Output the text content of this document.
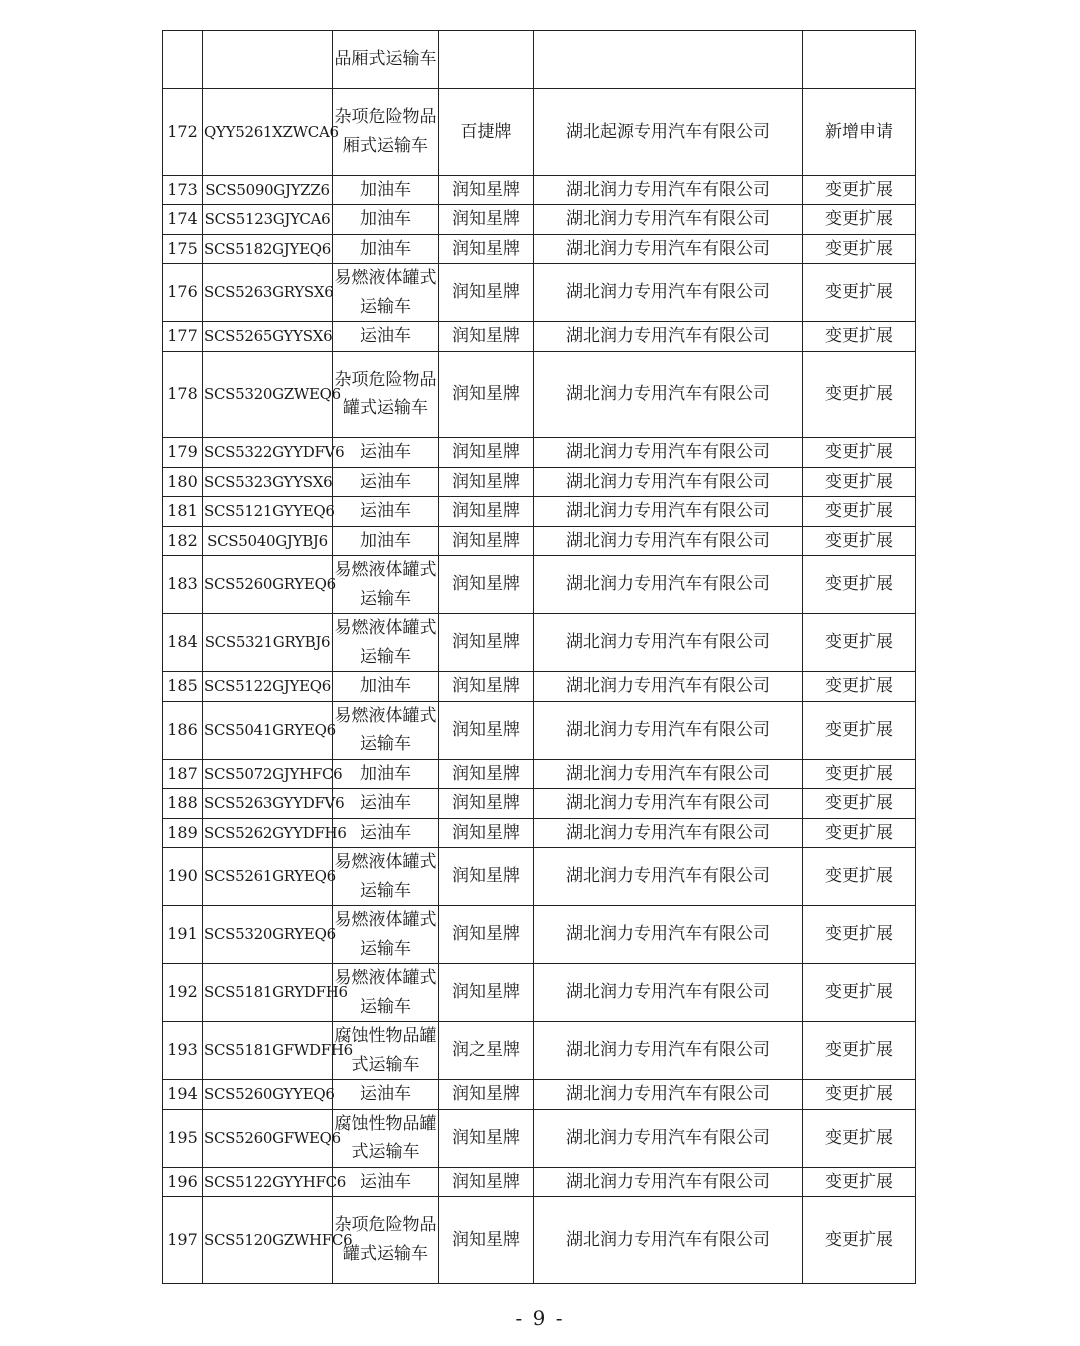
		品厢式运输车			
172	QYY5261XZWCA6	杂项危险物品厢式运输车	百捷牌	湖北起源专用汽车有限公司	新增申请
173	SCS5090GJYZZ6	加油车	润知星牌	湖北润力专用汽车有限公司	变更扩展
174	SCS5123GJYCA6	加油车	润知星牌	湖北润力专用汽车有限公司	变更扩展
175	SCS5182GJYEQ6	加油车	润知星牌	湖北润力专用汽车有限公司	变更扩展
176	SCS5263GRYSX6	易燃液体罐式运输车	润知星牌	湖北润力专用汽车有限公司	变更扩展
177	SCS5265GYYSX6	运油车	润知星牌	湖北润力专用汽车有限公司	变更扩展
178	SCS5320GZWEQ6	杂项危险物品罐式运输车	润知星牌	湖北润力专用汽车有限公司	变更扩展
179	SCS5322GYYDFV6	运油车	润知星牌	湖北润力专用汽车有限公司	变更扩展
180	SCS5323GYYSX6	运油车	润知星牌	湖北润力专用汽车有限公司	变更扩展
181	SCS5121GYYEQ6	运油车	润知星牌	湖北润力专用汽车有限公司	变更扩展
182	SCS5040GJYBJ6	加油车	润知星牌	湖北润力专用汽车有限公司	变更扩展
183	SCS5260GRYEQ6	易燃液体罐式运输车	润知星牌	湖北润力专用汽车有限公司	变更扩展
184	SCS5321GRYBJ6	易燃液体罐式运输车	润知星牌	湖北润力专用汽车有限公司	变更扩展
185	SCS5122GJYEQ6	加油车	润知星牌	湖北润力专用汽车有限公司	变更扩展
186	SCS5041GRYEQ6	易燃液体罐式运输车	润知星牌	湖北润力专用汽车有限公司	变更扩展
187	SCS5072GJYHFC6	加油车	润知星牌	湖北润力专用汽车有限公司	变更扩展
188	SCS5263GYYDFV6	运油车	润知星牌	湖北润力专用汽车有限公司	变更扩展
189	SCS5262GYYDFH6	运油车	润知星牌	湖北润力专用汽车有限公司	变更扩展
190	SCS5261GRYEQ6	易燃液体罐式运输车	润知星牌	湖北润力专用汽车有限公司	变更扩展
191	SCS5320GRYEQ6	易燃液体罐式运输车	润知星牌	湖北润力专用汽车有限公司	变更扩展
192	SCS5181GRYDFH6	易燃液体罐式运输车	润知星牌	湖北润力专用汽车有限公司	变更扩展
193	SCS5181GFWDFH6	腐蚀性物品罐式运输车	润之星牌	湖北润力专用汽车有限公司	变更扩展
194	SCS5260GYYEQ6	运油车	润知星牌	湖北润力专用汽车有限公司	变更扩展
195	SCS5260GFWEQ6	腐蚀性物品罐式运输车	润知星牌	湖北润力专用汽车有限公司	变更扩展
196	SCS5122GYYHFC6	运油车	润知星牌	湖北润力专用汽车有限公司	变更扩展
197	SCS5120GZWHFC6	杂项危险物品罐式运输车	润知星牌	湖北润力专用汽车有限公司	变更扩展
- 9 -
